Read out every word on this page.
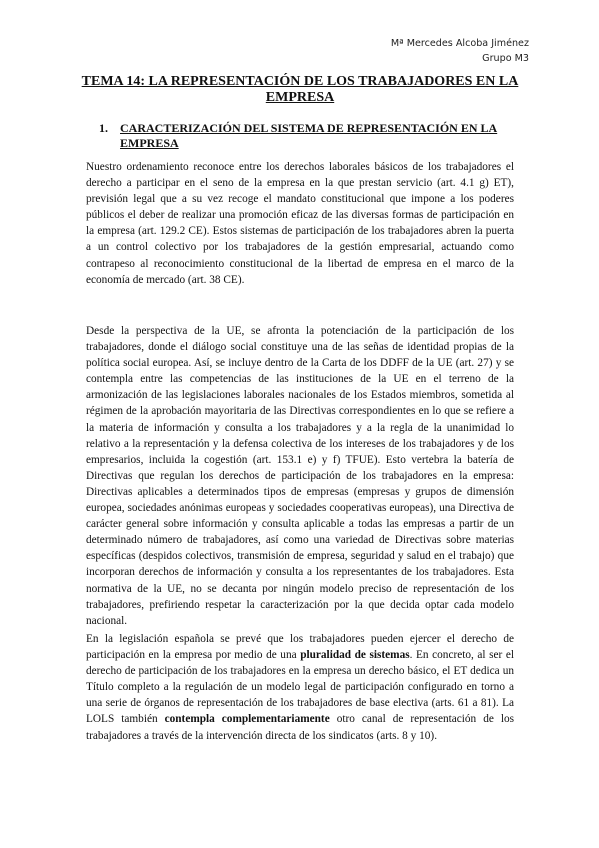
Mª Mercedes Alcoba Jiménez
Grupo M3
TEMA 14: LA REPRESENTACIÓN DE LOS TRABAJADORES EN LA EMPRESA
1. CARACTERIZACIÓN DEL SISTEMA DE REPRESENTACIÓN EN LA EMPRESA

Nuestro ordenamiento reconoce entre los derechos laborales básicos de los trabajadores el derecho a participar en el seno de la empresa en la que prestan servicio (art. 4.1 g) ET), previsión legal que a su vez recoge el mandato constitucional que impone a los poderes públicos el deber de realizar una promoción eficaz de las diversas formas de participación en la empresa (art. 129.2 CE). Estos sistemas de participación de los trabajadores abren la puerta a un control colectivo por los trabajadores de la gestión empresarial, actuando como contrapeso al reconocimiento constitucional de la libertad de empresa en el marco de la economía de mercado (art. 38 CE).

Desde la perspectiva de la UE, se afronta la potenciación de la participación de los trabajadores, donde el diálogo social constituye una de las señas de identidad propias de la política social europea. Así, se incluye dentro de la Carta de los DDFF de la UE (art. 27) y se contempla entre las competencias de las instituciones de la UE en el terreno de la armonización de las legislaciones laborales nacionales de los Estados miembros, sometida al régimen de la aprobación mayoritaria de las Directivas correspondientes en lo que se refiere a la materia de información y consulta a los trabajadores y a la regla de la unanimidad lo relativo a la representación y la defensa colectiva de los intereses de los trabajadores y de los empresarios, incluida la cogestión (art. 153.1 e) y f) TFUE). Esto vertebra la batería de Directivas que regulan los derechos de participación de los trabajadores en la empresa: Directivas aplicables a determinados tipos de empresas (empresas y grupos de dimensión europea, sociedades anónimas europeas y sociedades cooperativas europeas), una Directiva de carácter general sobre información y consulta aplicable a todas las empresas a partir de un determinado número de trabajadores, así como una variedad de Directivas sobre materias específicas (despidos colectivos, transmisión de empresa, seguridad y salud en el trabajo) que incorporan derechos de información y consulta a los representantes de los trabajadores. Esta normativa de la UE, no se decanta por ningún modelo preciso de representación de los trabajadores, prefiriendo respetar la caracterización por la que decida optar cada modelo nacional.

En la legislación española se prevé que los trabajadores pueden ejercer el derecho de participación en la empresa por medio de una pluralidad de sistemas. En concreto, al ser el derecho de participación de los trabajadores en la empresa un derecho básico, el ET dedica un Título completo a la regulación de un modelo legal de participación configurado en torno a una serie de órganos de representación de los trabajadores de base electiva (arts. 61 a 81). La LOLS también contempla complementariamente otro canal de representación de los trabajadores a través de la intervención directa de los sindicatos (arts. 8 y 10).
